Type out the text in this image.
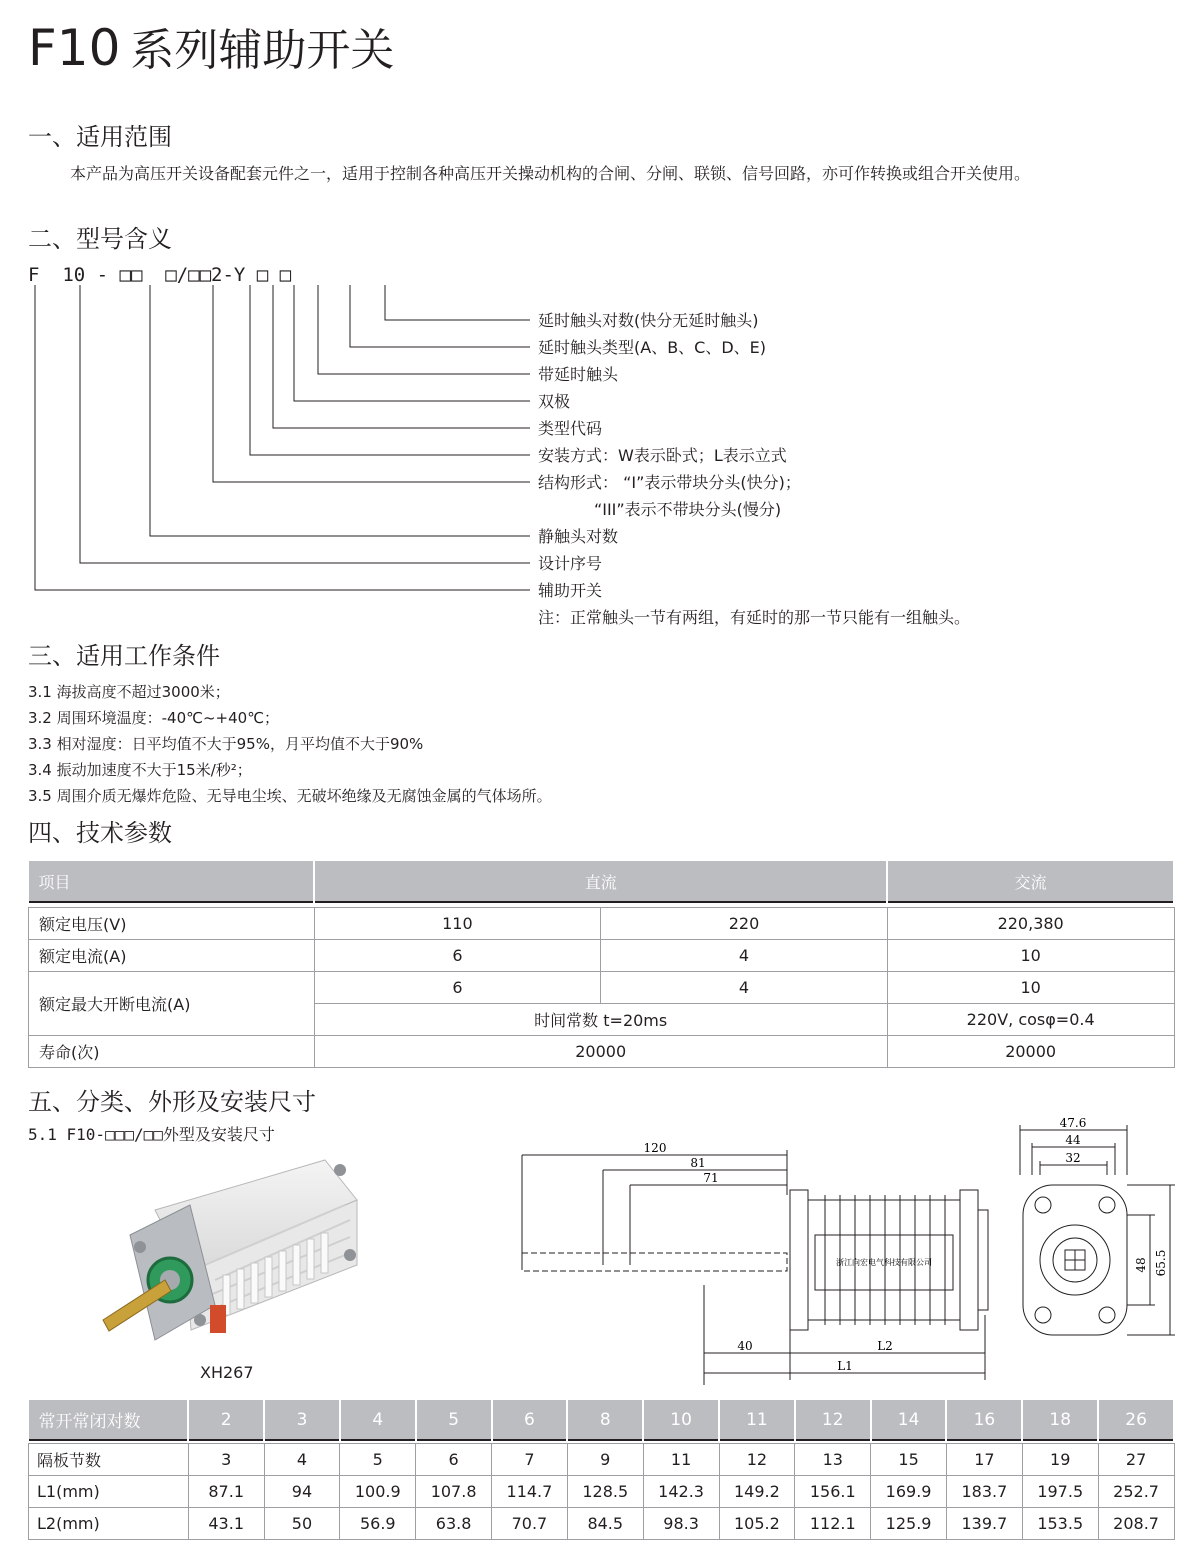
F10 系列辅助开关
一、适用范围
本产品为高压开关设备配套元件之一，适用于控制各种高压开关操动机构的合闸、分闸、联锁、信号回路，亦可作转换或组合开关使用。
二、型号含义
F  10 - □□  □/□□2-Y □ □
延时触头对数(快分无延时触头)
延时触头类型(A、B、C、D、E)
带延时触头
双极
类型代码
安装方式：W表示卧式；L表示立式
结构形式： “I”表示带块分头(快分)；
“III”表示不带块分头(慢分)
静触头对数
设计序号
辅助开关
注：正常触头一节有两组，有延时的那一节只能有一组触头。
三、适用工作条件
3.1 海拔高度不超过3000米；
3.2 周围环境温度：-40℃~+40℃；
3.3 相对湿度：日平均值不大于95%，月平均值不大于90%
3.4 振动加速度不大于15米/秒²；
3.5 周围介质无爆炸危险、无导电尘埃、无破坏绝缘及无腐蚀金属的气体场所。
四、技术参数
项目	直流		交流

额定电压(V)	110	220	220,380
额定电流(A)	6	4	10
额定最大开断电流(A)	6	4	10
	时间常数 t=20ms		220V, cosφ=0.4
寿命(次)	20000		20000
五、分类、外形及安装尺寸
5.1 F10-□□□/□□外型及安装尺寸
XH267
120
81
71
40	L2
L1
浙江向宏电气科技有限公司
47.6
44
32
48 65.5
常开常闭对数	2	3	4	5	6	8	10	11	12	14	16	18	26

隔板节数	3	4	5	6	7	9	11	12	13	15	17	19	27
L1(mm)	87.1	94	100.9	107.8	114.7	128.5	142.3	149.2	156.1	169.9	183.7	197.5	252.7
L2(mm)	43.1	50	56.9	63.8	70.7	84.5	98.3	105.2	112.1	125.9	139.7	153.5	208.7
